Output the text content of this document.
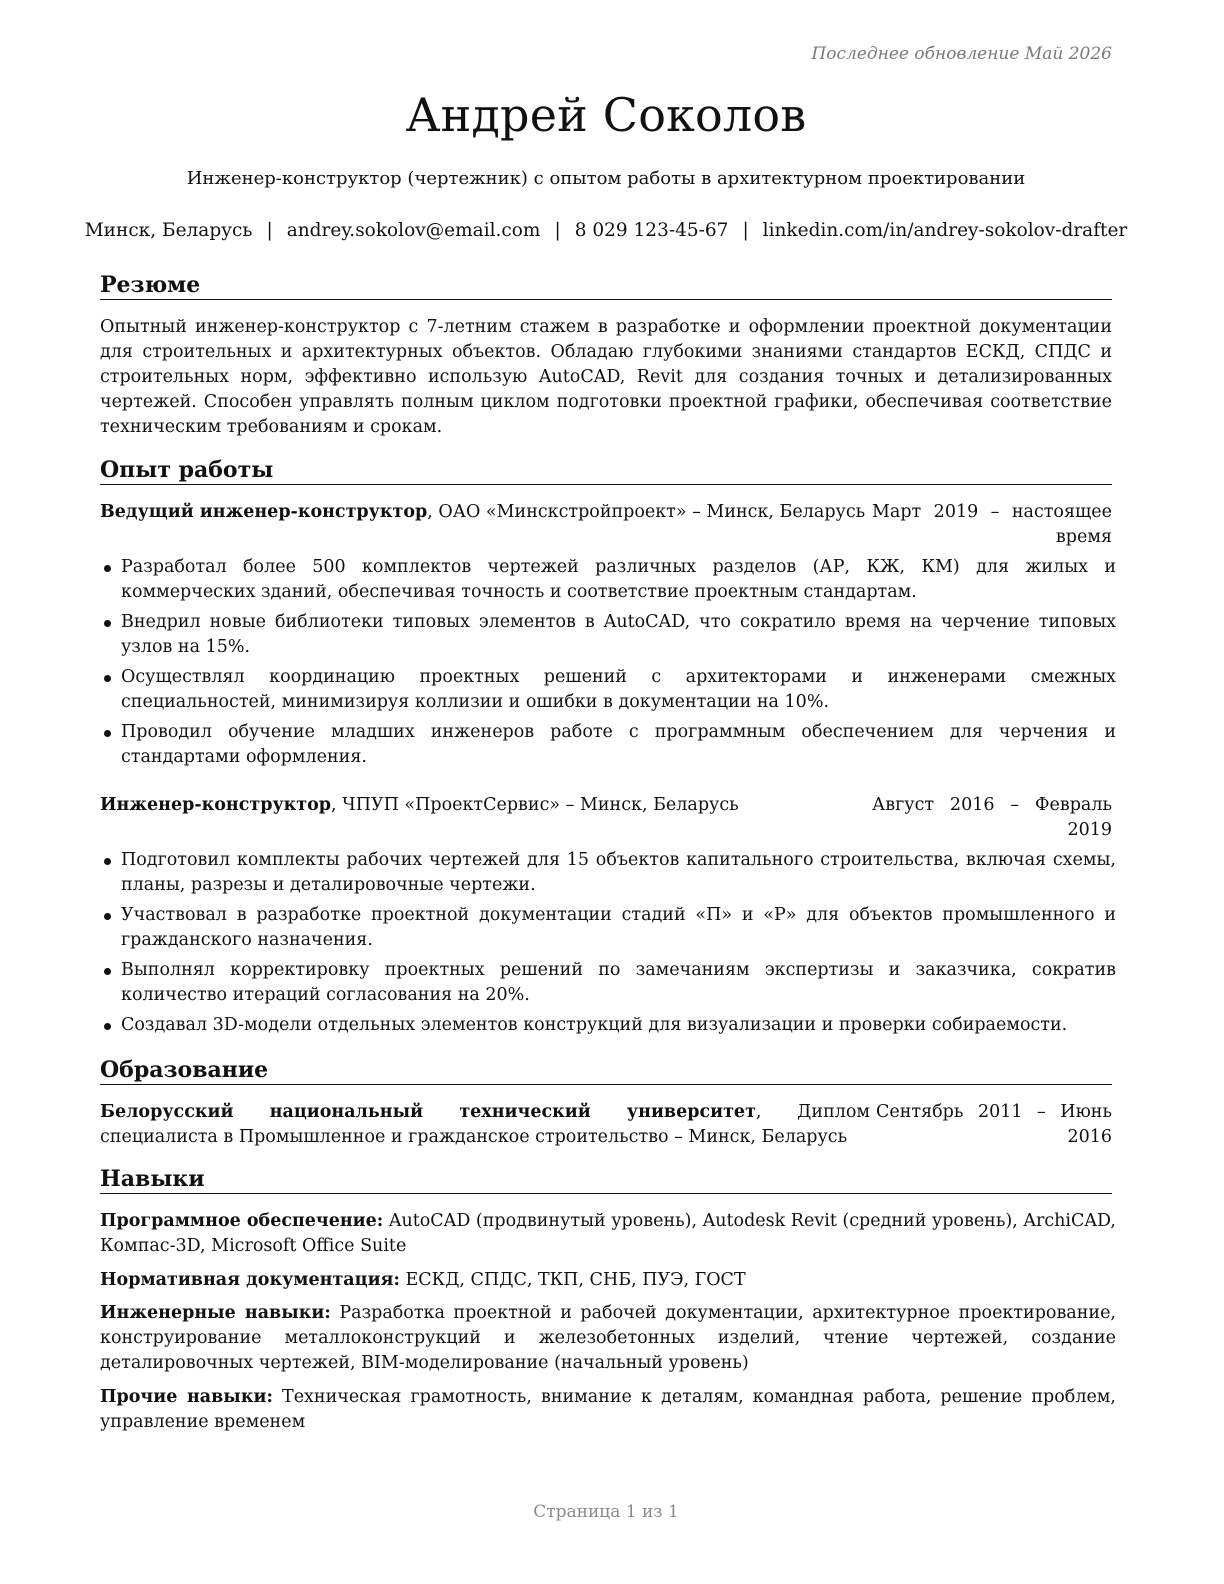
Последнее обновление Май 2026
Андрей Соколов
Инженер-конструктор (чертежник) с опытом работы в архитектурном проектировании
Минск, Беларусь | andrey.sokolov@email.com | 8 029 123-45-67 | linkedin.com/in/andrey-sokolov-drafter
Резюме
Опытный инженер-конструктор с 7-летним стажем в разработке и оформлении проектной документации для строительных и архитектурных объектов. Обладаю глубокими знаниями стандартов ЕСКД, СПДС и строительных норм, эффективно использую AutoCAD, Revit для создания точных и детализированных чертежей. Способен управлять полным циклом подготовки проектной графики, обеспечивая соответствие техническим требованиям и срокам.
Опыт работы
Ведущий инженер-конструктор, ОАО «Минскстройпроект» – Минск, Беларусь Март 2019 – настоящее время
Разработал более 500 комплектов чертежей различных разделов (АР, КЖ, КМ) для жилых и коммерческих зданий, обеспечивая точность и соответствие проектным стандартам.
Внедрил новые библиотеки типовых элементов в AutoCAD, что сократило время на черчение типовых узлов на 15%.
Осуществлял координацию проектных решений с архитекторами и инженерами смежных специальностей, минимизируя коллизии и ошибки в документации на 10%.
Проводил обучение младших инженеров работе с программным обеспечением для черчения и стандартами оформления.
Инженер-конструктор, ЧПУП «ПроектСервис» – Минск, Беларусь	Август 2016 – Февраль 2019
Подготовил комплекты рабочих чертежей для 15 объектов капитального строительства, включая схемы, планы, разрезы и деталировочные чертежи.
Участвовал в разработке проектной документации стадий «П» и «Р» для объектов промышленного и гражданского назначения.
Выполнял корректировку проектных решений по замечаниям экспертизы и заказчика, сократив количество итераций согласования на 20%.
Создавал 3D-модели отдельных элементов конструкций для визуализации и проверки собираемости.
Образование
Белорусский национальный технический университет, Диплом специалиста в Промышленное и гражданское строительство – Минск, Беларусь
Сентябрь 2011 – Июнь 2016
Навыки
Программное обеспечение: AutoCAD (продвинутый уровень), Autodesk Revit (средний уровень), ArchiCAD, Компас-3D, Microsoft Office Suite
Нормативная документация: ЕСКД, СПДС, ТКП, СНБ, ПУЭ, ГОСТ
Инженерные навыки: Разработка проектной и рабочей документации, архитектурное проектирование, конструирование металлоконструкций и железобетонных изделий, чтение чертежей, создание деталировочных чертежей, BIM-моделирование (начальный уровень)
Прочие навыки: Техническая грамотность, внимание к деталям, командная работа, решение проблем, управление временем
Страница 1 из 1
